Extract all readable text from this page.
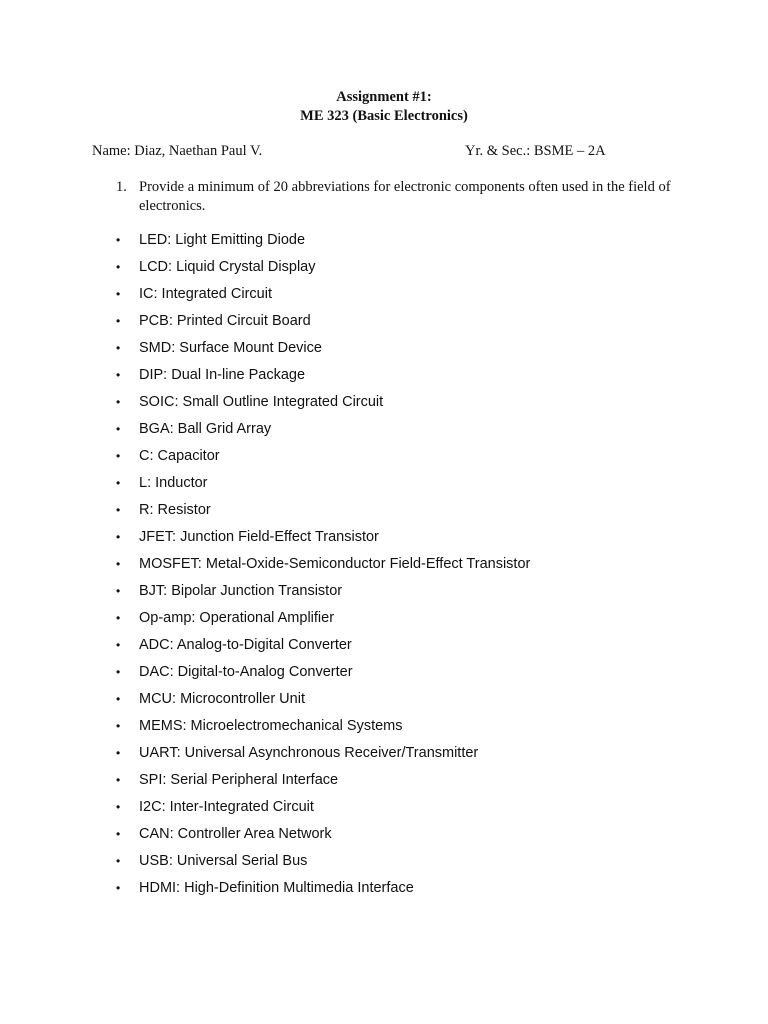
Assignment #1:
ME 323 (Basic Electronics)
Name: Diaz, Naethan Paul V.	Yr. & Sec.: BSME – 2A
1. Provide a minimum of 20 abbreviations for electronic components often used in the field of electronics.
•	LED: Light Emitting Diode
•	LCD: Liquid Crystal Display
•	IC: Integrated Circuit
•	PCB: Printed Circuit Board
•	SMD: Surface Mount Device
•	DIP: Dual In-line Package
•	SOIC: Small Outline Integrated Circuit
•	BGA: Ball Grid Array
•	C: Capacitor
•	L: Inductor
•	R: Resistor
•	JFET: Junction Field-Effect Transistor
•	MOSFET: Metal-Oxide-Semiconductor Field-Effect Transistor
•	BJT: Bipolar Junction Transistor
•	Op-amp: Operational Amplifier
•	ADC: Analog-to-Digital Converter
•	DAC: Digital-to-Analog Converter
•	MCU: Microcontroller Unit
•	MEMS: Microelectromechanical Systems
•	UART: Universal Asynchronous Receiver/Transmitter
•	SPI: Serial Peripheral Interface
•	I2C: Inter-Integrated Circuit
•	CAN: Controller Area Network
•	USB: Universal Serial Bus
•	HDMI: High-Definition Multimedia Interface
